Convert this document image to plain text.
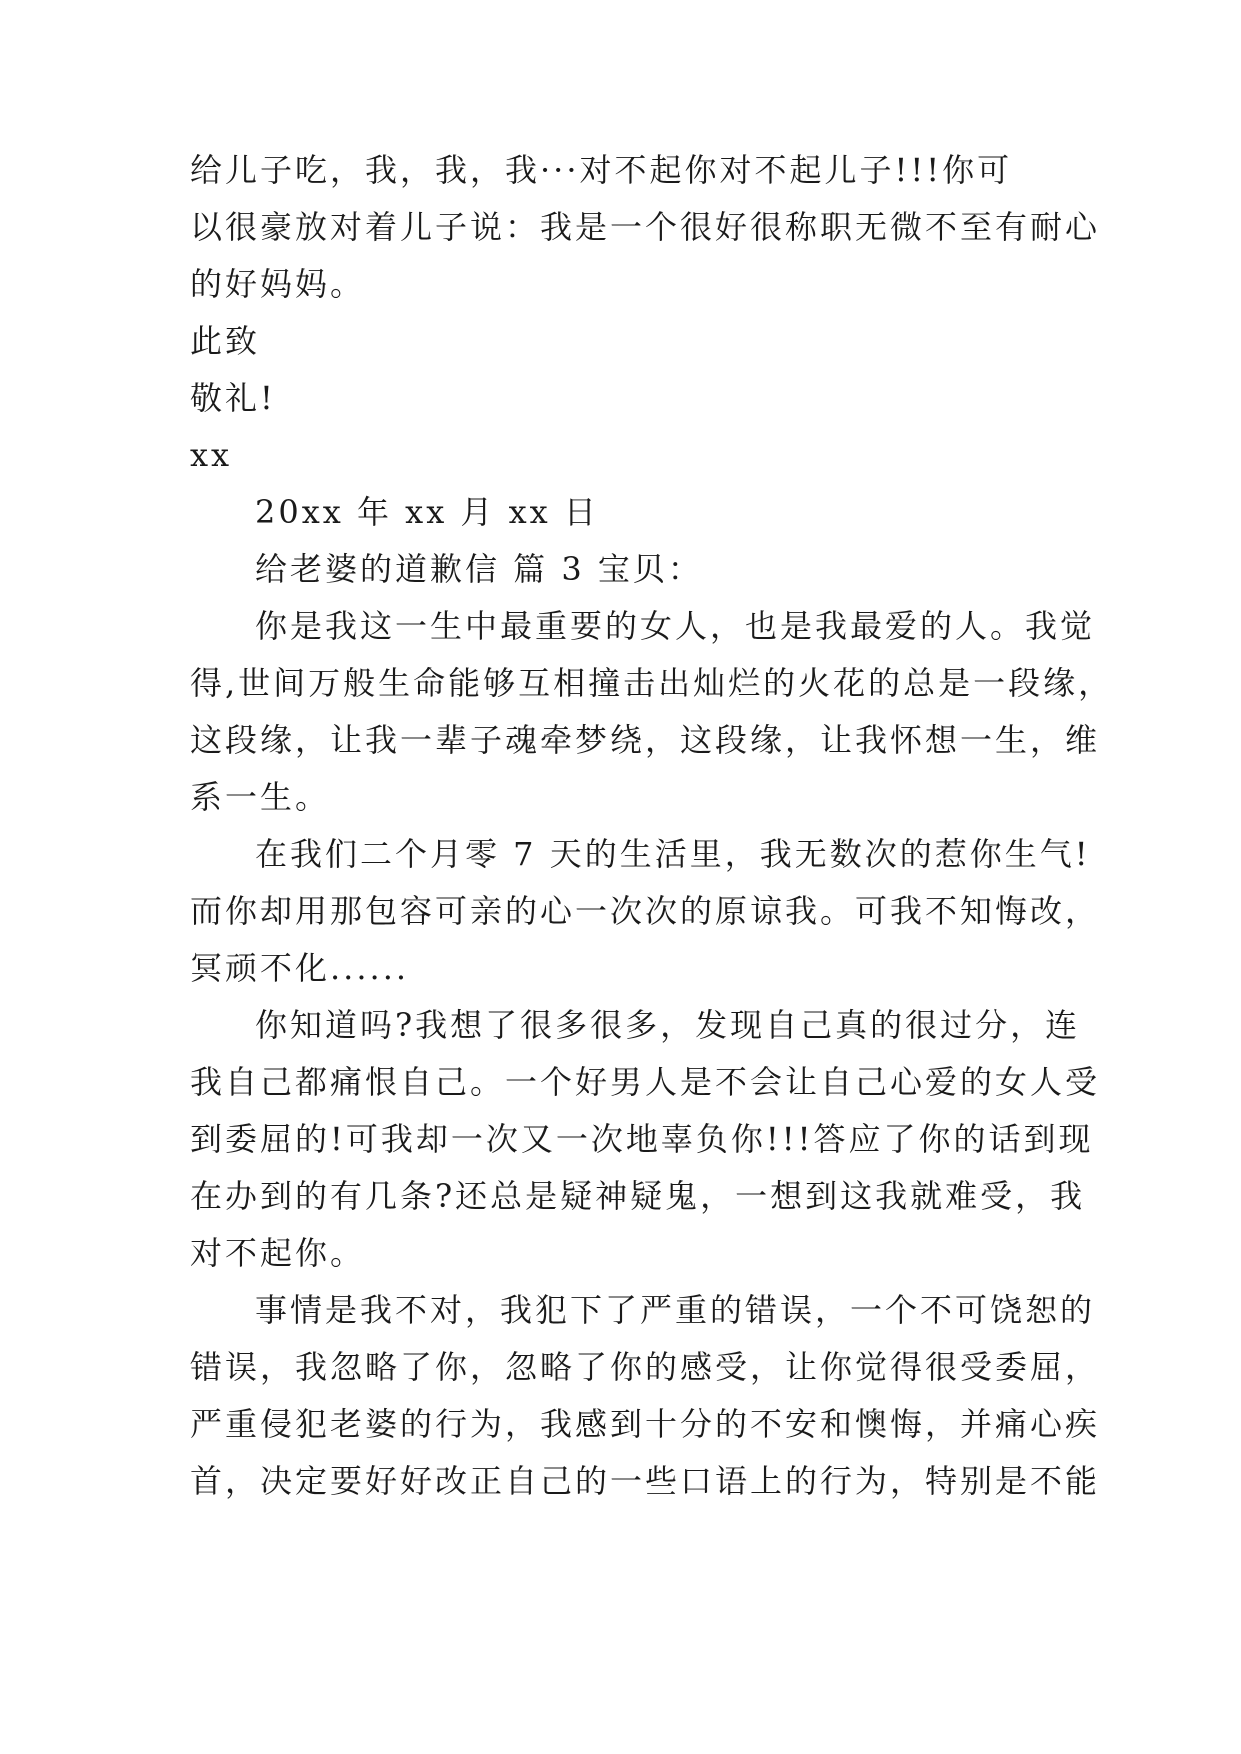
给儿子吃，我，我，我···对不起你对不起儿子!!!你可
以很豪放对着儿子说：我是一个很好很称职无微不至有耐心
的好妈妈。
此致
敬礼!
xx
20xx 年 xx 月 xx 日
给老婆的道歉信 篇 3 宝贝：
你是我这一生中最重要的女人，也是我最爱的人。我觉
得,世间万般生命能够互相撞击出灿烂的火花的总是一段缘，
这段缘，让我一辈子魂牵梦绕，这段缘，让我怀想一生，维
系一生。
在我们二个月零 7 天的生活里，我无数次的惹你生气!
而你却用那包容可亲的心一次次的原谅我。可我不知悔改，
冥顽不化......
你知道吗?我想了很多很多，发现自己真的很过分，连
我自己都痛恨自己。一个好男人是不会让自己心爱的女人受
到委屈的!可我却一次又一次地辜负你!!!答应了你的话到现
在办到的有几条?还总是疑神疑鬼，一想到这我就难受，我
对不起你。
事情是我不对，我犯下了严重的错误，一个不可饶恕的
错误，我忽略了你，忽略了你的感受，让你觉得很受委屈，
严重侵犯老婆的行为，我感到十分的不安和懊悔，并痛心疾
首，决定要好好改正自己的一些口语上的行为，特别是不能
